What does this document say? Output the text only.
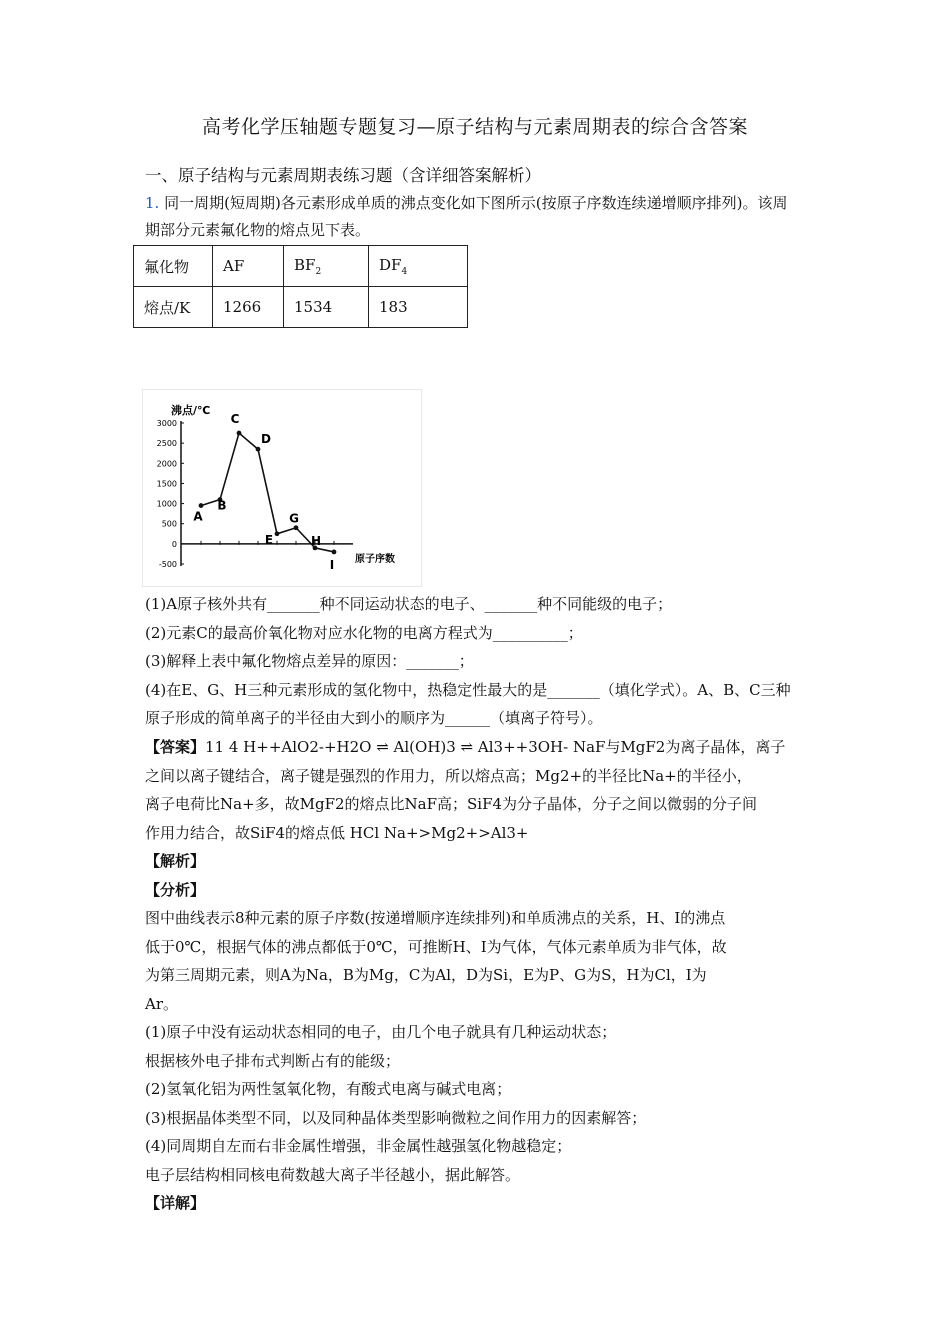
高考化学压轴题专题复习—原子结构与元素周期表的综合含答案
一、原子结构与元素周期表练习题（含详细答案解析）
1. 同一周期(短周期)各元素形成单质的沸点变化如下图所示(按原子序数连续递增顺序排列)。该周期部分元素氟化物的熔点见下表。
氟化物	AF	$BF_2$	$DF_4$
熔点/K	1266	1534	183
沸点/℃
原子序数
3000
2500
2000
1500
1000
500
0
-500
A
B
C
D
E
G
H
I

(1)A原子核外共有_______种不同运动状态的电子、_______种不同能级的电子；

(2)元素C的最高价氧化物对应水化物的电离方程式为__________；

(3)解释上表中氟化物熔点差异的原因：_______；

(4)在E、G、H三种元素形成的氢化物中，热稳定性最大的是_______（填化学式）。A、B、C三种原子形成的简单离子的半径由大到小的顺序为______（填离子符号）。

【答案】11 4 H++AlO2-+H2O ⇌ Al(OH)3 ⇌ Al3++3OH- NaF与MgF2为离子晶体，离子

之间以离子键结合，离子键是强烈的作用力，所以熔点高；Mg2+的半径比Na+的半径小，

离子电荷比Na+多，故MgF2的熔点比NaF高；SiF4为分子晶体，分子之间以微弱的分子间

作用力结合，故SiF4的熔点低 HCl Na+>Mg2+>Al3+

【解析】

【分析】

图中曲线表示8种元素的原子序数(按递增顺序连续排列)和单质沸点的关系，H、I的沸点

低于0℃，根据气体的沸点都低于0℃，可推断H、I为气体，气体元素单质为非气体，故

为第三周期元素，则A为Na，B为Mg，C为Al，D为Si，E为P、G为S，H为Cl，I为

Ar。

(1)原子中没有运动状态相同的电子，由几个电子就具有几种运动状态；

根据核外电子排布式判断占有的能级；

(2)氢氧化铝为两性氢氧化物，有酸式电离与碱式电离；

(3)根据晶体类型不同，以及同种晶体类型影响微粒之间作用力的因素解答；

(4)同周期自左而右非金属性增强，非金属性越强氢化物越稳定；

电子层结构相同核电荷数越大离子半径越小，据此解答。

【详解】
